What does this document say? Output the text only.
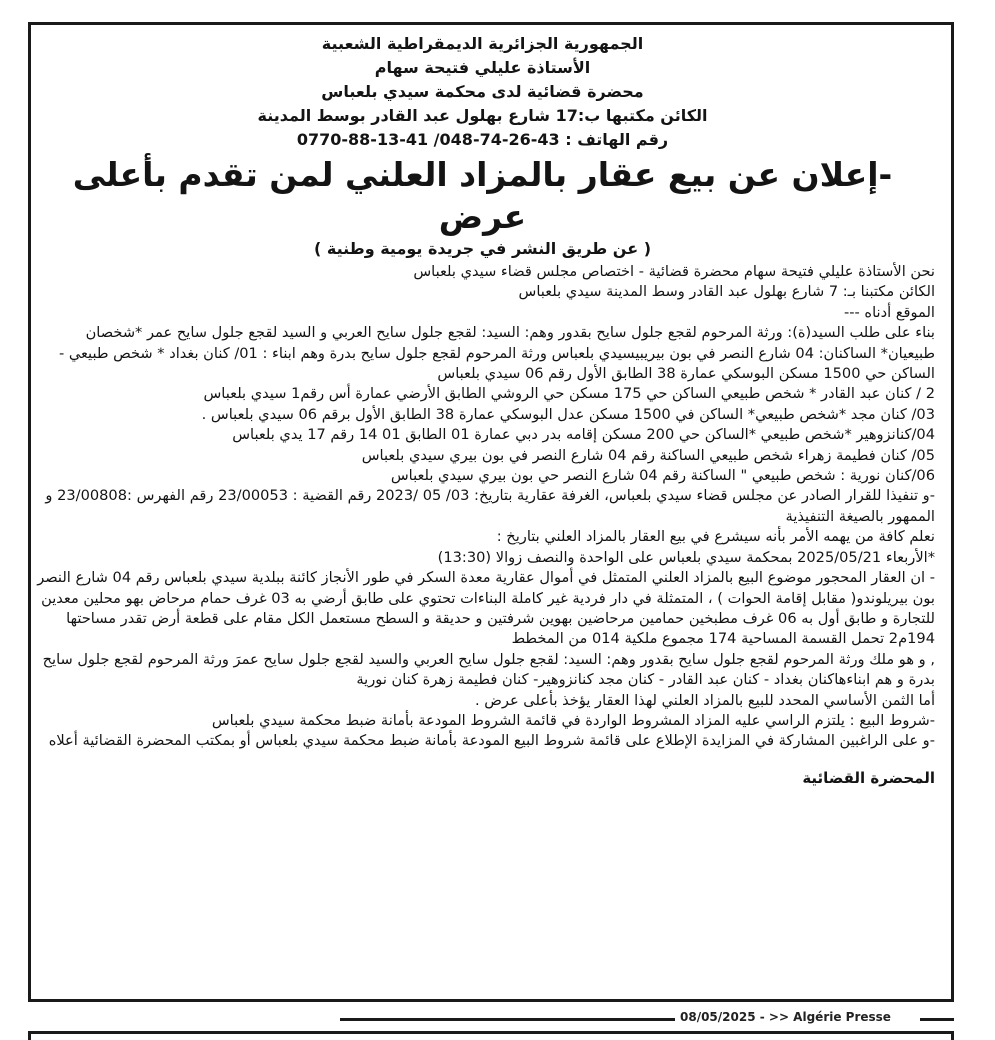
الجمهورية الجزائرية الديمقراطية الشعبية
الأستاذة عليلي فتيحة سهام
محضرة قضائية لدى محكمة سيدي بلعباس
الكائن مكتبها ب:17 شارع بهلول عبد القادر بوسط المدينة
رقم الهاتف : 43-26-74-048/ 41-13-88-0770
-إعلان عن بيع عقار بالمزاد العلني لمن تقدم بأعلى عرض
( عن طريق النشر في جريدة يومية وطنية )

نحن الأستاذة عليلي فتيحة سهام محضرة قضائية - اختصاص مجلس قضاء سيدي بلعباس

الكائن مكتبنا بـ: 7 شارع بهلول عبد القادر وسط المدينة سيدي بلعباس

الموقع أدناه ---

بناء على طلب السيد(ة): ورثة المرحوم لقجع جلول سايح بقدور وهم: السيد: لقجع جلول سايح العربي و السيد لقجع جلول سايح عمر *شخصان طبيعيان* الساكنان: 04 شارع النصر في بون بيريبيسيدي بلعباس ورثة المرحوم لقجع جلول سايح بدرة وهم ابناء : 01/ كنان بغداد * شخص طبيعي - الساكن حي 1500 مسكن البوسكي عمارة 38 الطابق الأول رقم 06 سيدي بلعباس

2 / كنان عبد القادر * شخص طبيعي الساكن حي 175 مسكن حي الروشي الطابق الأرضي عمارة أس رقم1 سيدي بلعباس

03/ كنان مجد *شخص طبيعي* الساكن في 1500 مسكن عدل البوسكي عمارة 38 الطابق الأول برقم 06 سيدي بلعباس .

04/كنانزوهير *شخص طبيعي *الساكن حي 200 مسكن إقامه بدر دبي عمارة 01 الطابق 01 14 رقم 17 يدي بلعباس

05/ كنان فطيمة زهراء شخص طبيعي الساكنة رقم 04 شارع النصر في بون بيري سيدي بلعباس

06/كنان نورية : شخص طبيعي " الساكنة رقم 04 شارع النصر حي بون بيري سيدي بلعباس

-و تنفيذا للقرار الصادر عن مجلس قضاء سيدي بلعباس، الغرفة عقارية بتاريخ: 03/ 05 /2023 رقم القضية : 23/00053 رقم الفهرس :23/00808 و الممهور بالصيغة التنفيذية

نعلم كافة من يهمه الأمر بأنه سيشرع في بيع العقار بالمزاد العلني بتاريخ :

*الأربعاء 2025/05/21 بمحكمة سيدي بلعباس على الواحدة والنصف زوالا (13:30)

- ان العقار المحجور موضوع البيع بالمزاد العلني المتمثل في أموال عقارية معدة السكر في طور الأنجاز كائنة ببلدية سيدي بلعباس رقم 04 شارع النصر بون بيريلوندو( مقابل إقامة الحوات ) ، المتمثلة في دار فردية غير كاملة البناءات تحتوي على طابق أرضي به 03 غرف حمام مرحاض بهو محلين معدين للتجارة و طابق أول به 06 غرف مطبخين حمامين مرحاضين بهوين شرفتين و حديقة و السطح مستعمل الكل مقام على قطعة أرض تقدر مساحتها 194م2 تحمل القسمة المساحية 174 مجموع ملكية 014 من المخطط

, و هو ملك ورثة المرحوم لقجع جلول سايح بقدور وهم: السيد: لقجع جلول سايح العربي والسيد لقجع جلول سايح عمرَ ورثة المرحوم لقجع جلول سايح بدرة و هم ابناءهاكنان بغداد - كنان عبد القادر - كنان مجد كنانزوهير- كنان فطيمة زهرة كنان نورية

أما الثمن الأساسي المحدد للبيع بالمزاد العلني لهذا العقار يؤخذ بأعلى عرض .

-شروط البيع : يلتزم الراسي عليه المزاد المشروط الواردة في قائمة الشروط المودعة بأمانة ضبط محكمة سيدي بلعباس

-و على الراغبين المشاركة في المزايدة الإطلاع على قائمة شروط البيع المودعة بأمانة ضبط محكمة سيدي بلعباس أو بمكتب المحضرة القضائية أعلاه

المحضرة القضائية

08/05/2025 - >> Algérie Presse
